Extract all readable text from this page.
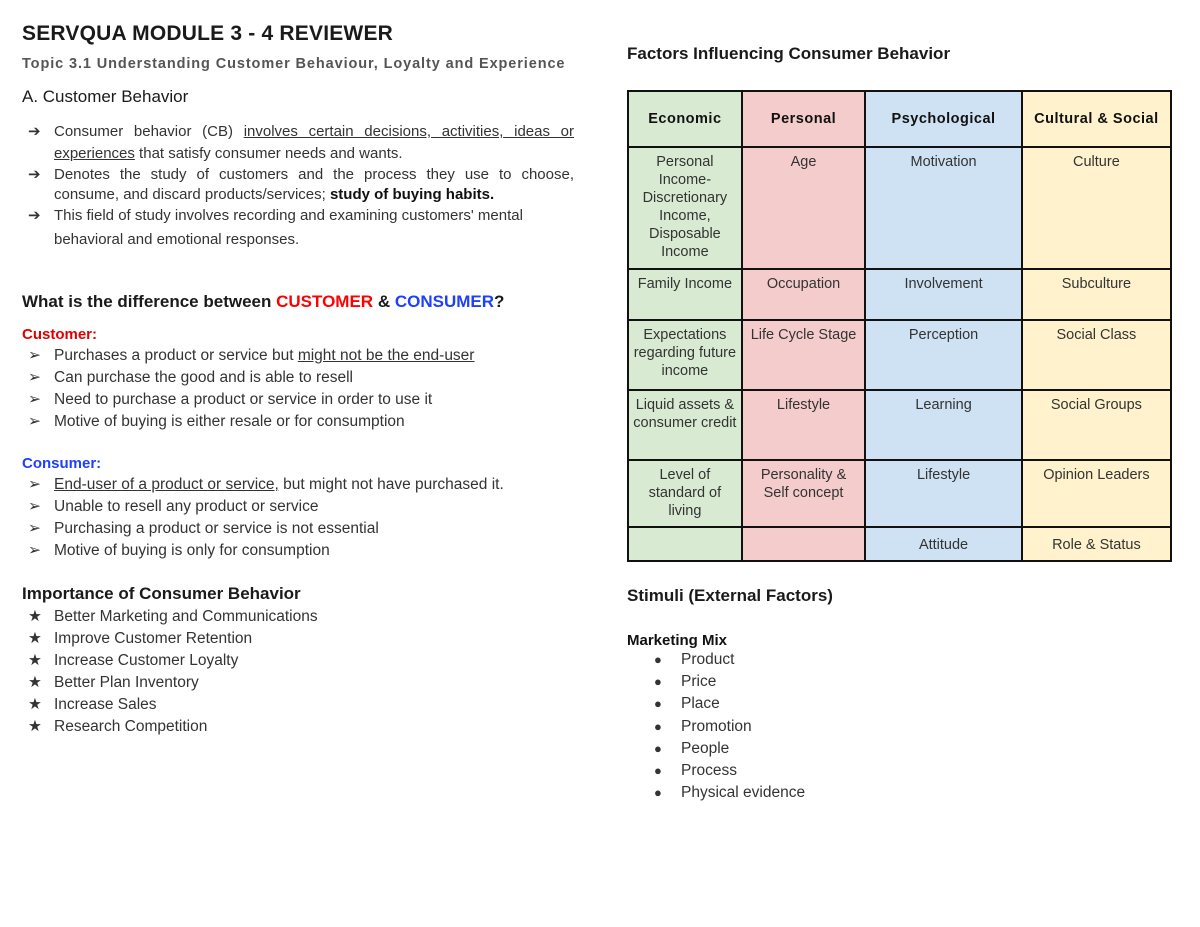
SERVQUA MODULE 3 - 4 REVIEWER
Topic 3.1 Understanding Customer Behaviour, Loyalty and Experience
A. Customer Behavior
➔ Consumer behavior (CB) involves certain decisions, activities, ideas or experiences that satisfy consumer needs and wants.
➔ Denotes the study of customers and the process they use to choose, consume, and discard products/services; study of buying habits.
➔ This field of study involves recording and examining customers' mental behavioral and emotional responses.
What is the difference between CUSTOMER & CONSUMER?
Customer:
➢ Purchases a product or service but might not be the end-user
➢ Can purchase the good and is able to resell
➢ Need to purchase a product or service in order to use it
➢ Motive of buying is either resale or for consumption
Consumer:
➢ End-user of a product or service, but might not have purchased it.
➢ Unable to resell any product or service
➢ Purchasing a product or service is not essential
➢ Motive of buying is only for consumption
Importance of Consumer Behavior
★ Better Marketing and Communications
★ Improve Customer Retention
★ Increase Customer Loyalty
★ Better Plan Inventory
★ Increase Sales
★ Research Competition
Factors Influencing Consumer Behavior
Economic	Personal	Psychological	Cultural & Social
Personal Income- Discretionary Income, Disposable Income	Age	Motivation	Culture
Family Income	Occupation	Involvement	Subculture
Expectations regarding future income	Life Cycle Stage	Perception	Social Class
Liquid assets & consumer credit	Lifestyle	Learning	Social Groups
Level of standard of living	Personality & Self concept	Lifestyle	Opinion Leaders
		Attitude	Role & Status
Stimuli (External Factors)
Marketing Mix
● Product
● Price
● Place
● Promotion
● People
● Process
● Physical evidence
